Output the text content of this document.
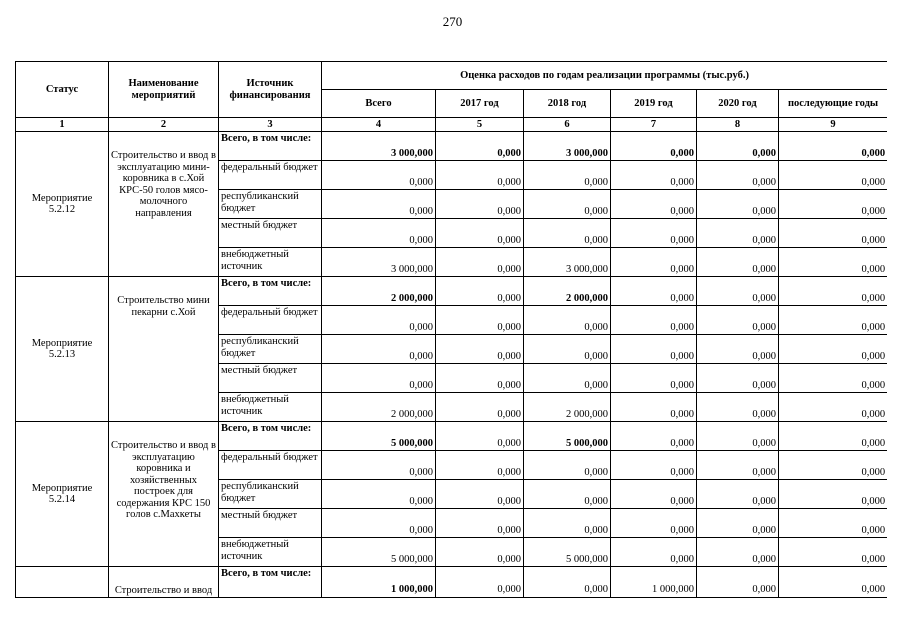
270
Статус	Наименование мероприятий	Источник финансирования	Оценка расходов по годам реализации программы (тыс.руб.)					
			Всего	2017 год	2018 год	2019 год	2020 год	последующие годы
1	2	3	4	5	6	7	8	9
Мероприятие 5.2.12	Строительство и ввод в эксплуатацию мини-коровника в с.Хой КРС-50 голов мясо-молочного направления	Всего, в том числе:	3 000,000	0,000	3 000,000	0,000	0,000	0,000
		федеральный бюджет	0,000	0,000	0,000	0,000	0,000	0,000
		республиканский бюджет	0,000	0,000	0,000	0,000	0,000	0,000
		местный бюджет	0,000	0,000	0,000	0,000	0,000	0,000
		внебюджетный источник	3 000,000	0,000	3 000,000	0,000	0,000	0,000
Мероприятие 5.2.13	Строительство мини пекарни с.Хой	Всего, в том числе:	2 000,000	0,000	2 000,000	0,000	0,000	0,000
		федеральный бюджет	0,000	0,000	0,000	0,000	0,000	0,000
		республиканский бюджет	0,000	0,000	0,000	0,000	0,000	0,000
		местный бюджет	0,000	0,000	0,000	0,000	0,000	0,000
		внебюджетный источник	2 000,000	0,000	2 000,000	0,000	0,000	0,000
Мероприятие 5.2.14	Строительство и ввод в эксплуатацию коровника и хозяйственных построек для содержания КРС 150 голов с.Махкеты	Всего, в том числе:	5 000,000	0,000	5 000,000	0,000	0,000	0,000
		федеральный бюджет	0,000	0,000	0,000	0,000	0,000	0,000
		республиканский бюджет	0,000	0,000	0,000	0,000	0,000	0,000
		местный бюджет	0,000	0,000	0,000	0,000	0,000	0,000
		внебюджетный источник	5 000,000	0,000	5 000,000	0,000	0,000	0,000
	Строительство и ввод	Всего, в том числе:	1 000,000	0,000	0,000	1 000,000	0,000	0,000
